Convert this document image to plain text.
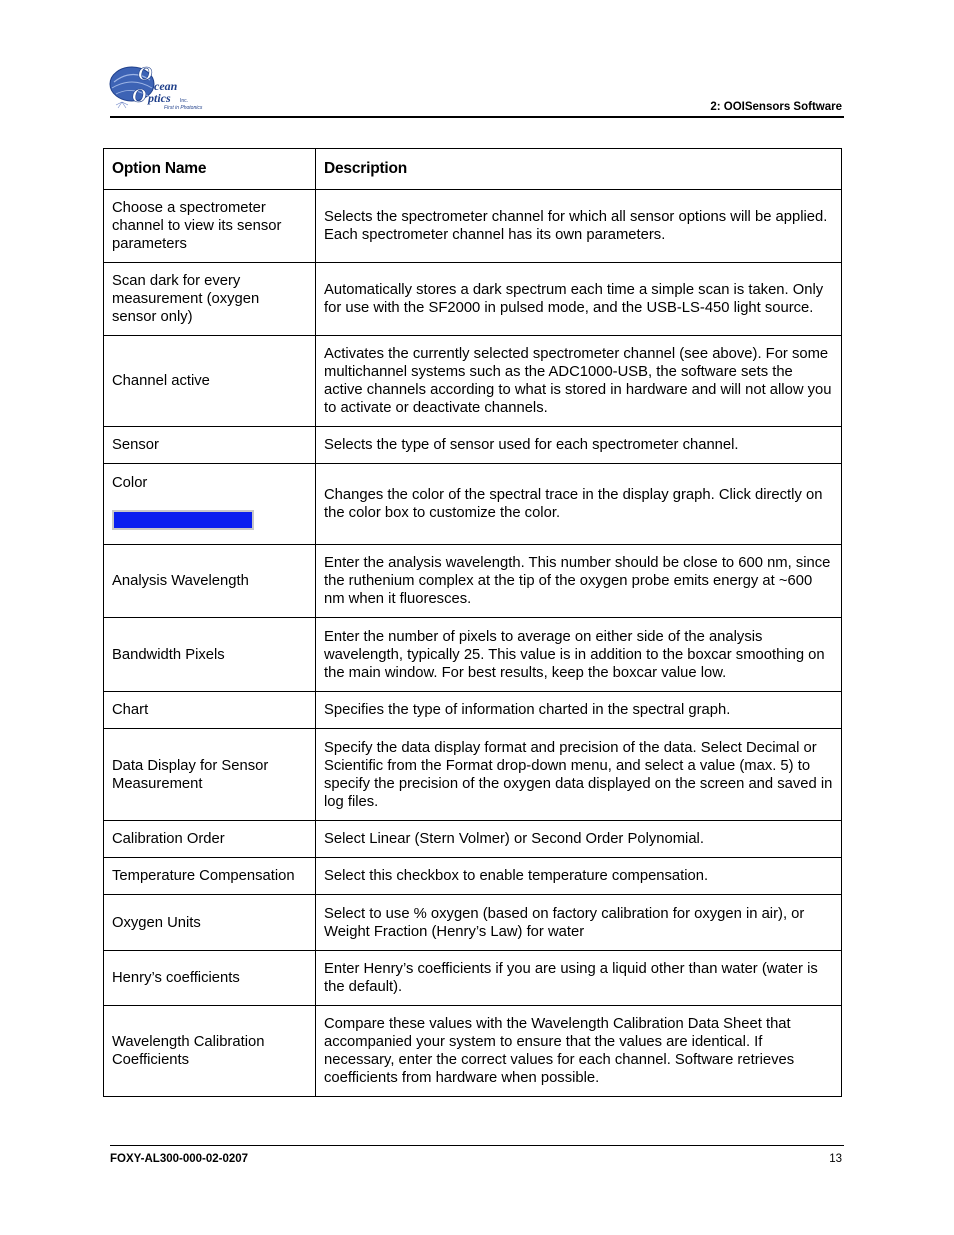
O
cean
O ptics Inc.
First in Photonics	2: OOISensors Software
Option Name	Description
Choose a spectrometer channel to view its sensor parameters	Selects the spectrometer channel for which all sensor options will be applied. Each spectrometer channel has its own parameters.
Scan dark for every measurement (oxygen sensor only)	Automatically stores a dark spectrum each time a simple scan is taken. Only for use with the SF2000 in pulsed mode, and the USB-LS-450 light source.
Channel active	Activates the currently selected spectrometer channel (see above). For some multichannel systems such as the ADC1000-USB, the software sets the active channels according to what is stored in hardware and will not allow you to activate or deactivate channels.
Sensor	Selects the type of sensor used for each spectrometer channel.

Color	Changes the color of the spectral trace in the display graph. Click directly on the color box to customize the color.
Analysis Wavelength	Enter the analysis wavelength. This number should be close to 600 nm, since the ruthenium complex at the tip of the oxygen probe emits energy at ~600 nm when it fluoresces.
Bandwidth Pixels	Enter the number of pixels to average on either side of the analysis wavelength, typically 25. This value is in addition to the boxcar smoothing on the main window. For best results, keep the boxcar value low.
Chart	Specifies the type of information charted in the spectral graph.
Data Display for Sensor Measurement	Specify the data display format and precision of the data. Select Decimal or Scientific from the Format drop-down menu, and select a value (max. 5) to specify the precision of the oxygen data displayed on the screen and saved in log files.
Calibration Order	Select Linear (Stern Volmer) or Second Order Polynomial.
Temperature Compensation	Select this checkbox to enable temperature compensation.
Oxygen Units	Select to use % oxygen (based on factory calibration for oxygen in air), or Weight Fraction (Henry’s Law) for water
Henry’s coefficients	Enter Henry’s coefficients if you are using a liquid other than water (water is the default).
Wavelength Calibration Coefficients	Compare these values with the Wavelength Calibration Data Sheet that accompanied your system to ensure that the values are identical. If necessary, enter the correct values for each channel. Software retrieves coefficients from hardware when possible.
FOXY-AL300-000-02-0207	13
